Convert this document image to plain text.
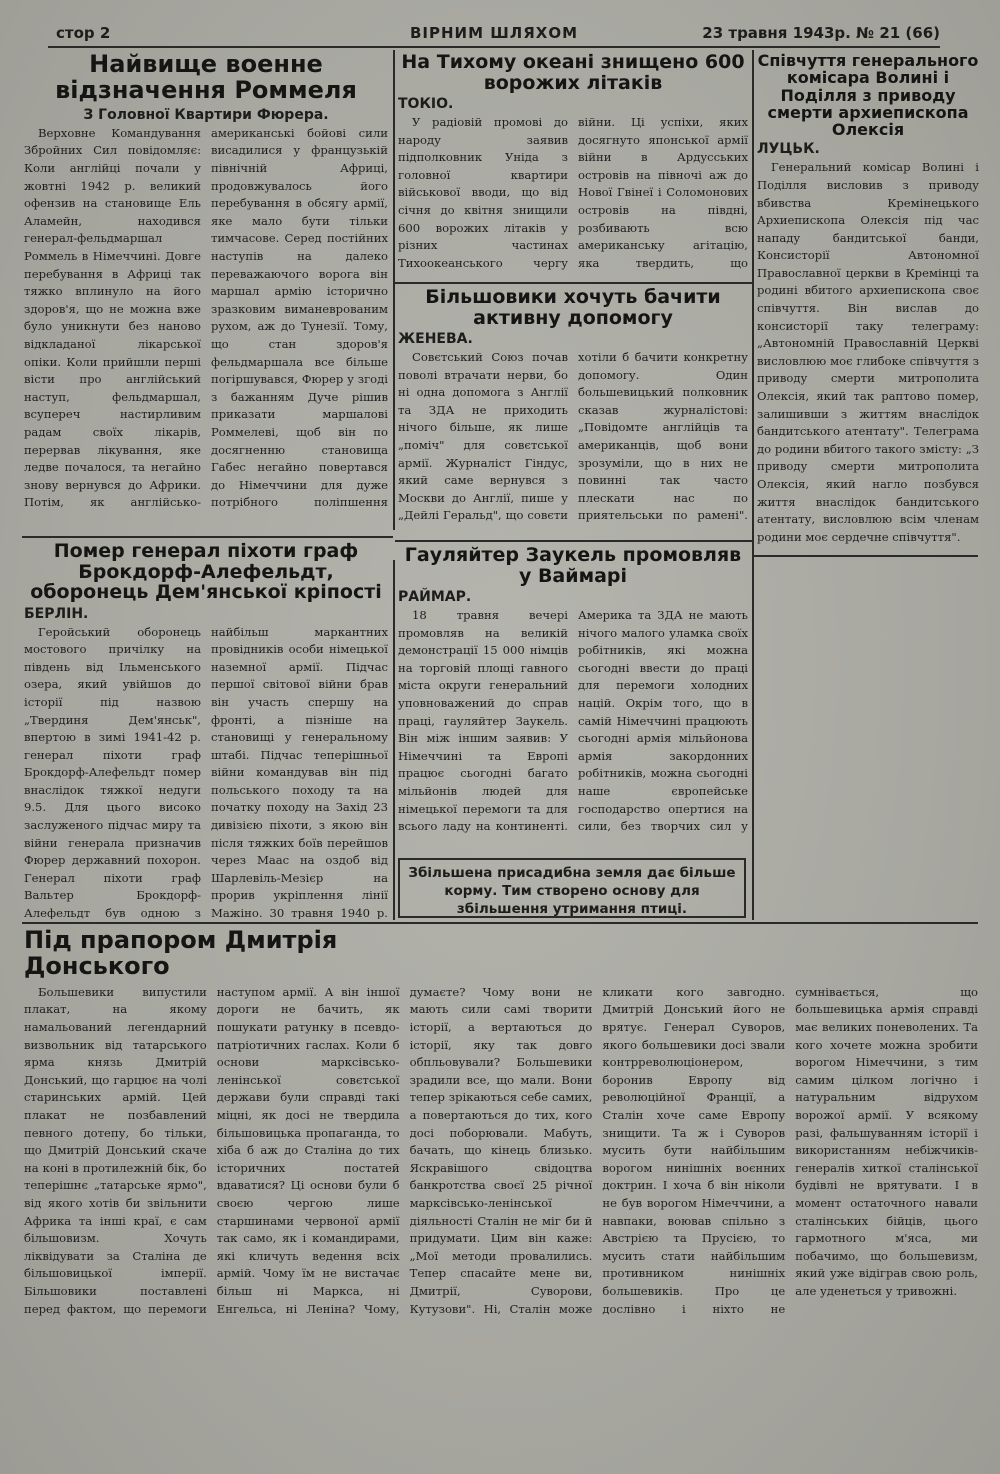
стор 2	ВІРНИМ ШЛЯХОМ	23 травня 1943р. № 21 (66)
Найвище военне відзначення Роммеля
З Головної Квартири Фюрера.
Верховне Командування Збройних Сил повідомляє: Коли англійці почали у жовтні 1942 р. великий офензив на становище Ель Аламейн, находився генерал-фельдмаршал Роммель в Німеччині. Довге перебування в Африці так тяжко вплинуло на його здоров'я, що не можна вже було уникнути без наново відкладаної лікарської опіки. Коли прийшли перші вісти про англійський наступ, фельдмаршал, всупереч настирливим радам своїх лікарів, перервав лікування, яке ледве почалося, та негайно знову вернувся до Африки. Потім, як англійсько-американські бойові сили висадилися у французькій північній Африці, продовжувалось його перебування в обсягу армії, яке мало бути тільки тимчасове. Серед постійних наступів на далеко переважаючого ворога він маршал армію історично зразковим виманеврованим рухом, аж до Тунезії. Тому, що стан здоров'я фельдмаршала все більше погіршувався, Фюрер у згоді з бажанням Дуче рішив приказати маршалові Роммелеві, щоб він по досягненню становища Габес негайно повертався до Німеччини для дуже потрібного поліпшення
На Тихому океані знищено 600 ворожих літаків
ТОКІО.
У радіовій промові до народу заявив підполковник Уніда з головної квартири військової вводи, що від січня до квітня знищили 600 ворожих літаків у різних частинах Тихоокеанського чергу війни. Ці успіхи, яких досягнуто японської армії війни в Ардусських островів на півночі аж до Нової Гвінеї і Соломонових островів на півдні, розбивають всю американську агітацію, яка твердить, що
Співчуття генерального комісара Волині і Поділля з приводу смерти архиепископа Олексія
ЛУЦЬК.
Генеральний комісар Волині і Поділля висловив з приводу вбивства Кремінецького Архиепископа Олексія під час нападу бандитської банди, Консисторії Автономної Православної церкви в Кремінці та родині вбитого архиепископа своє співчуття. Він вислав до консисторії таку телеграму: „Автономній Православній Церкві висловлюю моє глибоке співчуття з приводу смерти митрополита Олексія, який так раптово помер, залишивши з життям внаслідок бандитського атентату". Телеграма до родини вбитого такого змісту: „З приводу смерти митрополита Олексія, який нагло позбувся життя внаслідок бандитського атентату, висловлюю всім членам родини моє сердечне співчуття".
Більшовики хочуть бачити активну допомогу
ЖЕНЕВА.
Совєтський Союз почав поволі втрачати нерви, бо ні одна допомога з Англії та ЗДА не приходить нічого більше, як лише „поміч" для совєтської армії. Журналіст Гіндус, який саме вернувся з Москви до Англії, пише у „Дейлі Геральд", що совєти хотіли б бачити конкретну допомогу. Один большевицький полковник сказав журналістові: „Повідомте англійців та американців, щоб вони зрозуміли, що в них не повинні так часто плескати нас по приятельськи по рамені".
Гауляйтер Заукель промовляв у Ваймарі
РАЙМАР.
18 травня вечері промовляв на великій демонстрації 15 000 німців на торговій площі гавного міста округи генеральний уповноважений до справ праці, гауляйтер Заукель. Він між іншим заявив: У Німеччині та Европі працює сьогодні багато мільйонів людей для німецької перемоги та для всього ладу на континенті. Америка та ЗДА не мають нічого малого уламка своїх робітників, які можна сьогодні ввести до праці для перемоги холодних націй. Окрім того, що в самій Німеччині працюють сьогодні армія мільйонова армія закордонних робітників, можна сьогодні наше європейське господарство опертися на сили, без творчих сил у
Збільшена присадибна земля дає більше корму. Тим створено основу для збільшення утримання птиці.
Помер генерал піхоти граф Брокдорф-Алефельдт, оборонець Дем'янської кріпості
БЕРЛІН.
Геройський оборонець мостового причілку на південь від Ільменського озера, який увійшов до історії під назвою „Твердиня Дем'янськ", впертою в зимі 1941-42 р. генерал піхоти граф Брокдорф-Алефельдт помер внаслідок тяжкої недуги 9.5. Для цього високо заслуженого підчас миру та війни генерала призначив Фюрер державний похорон. Генерал піхоти граф Вальтер Брокдорф-Алефельдт був одною з найбільш маркантних провідників особи німецької наземної армії. Підчас першої світової війни брав він участь спершу на фронті, а пізніше на становищі у генеральному штабі. Підчас теперішньої війни командував він під польського походу та на початку походу на Захід 23 дивізією піхоти, з якою він після тяжких боїв перейшов через Маас на оздоб від Шарлевіль-Мезієр на прорив укріплення лінії Мажіно. 30 травня 1940 р.
Під прапором Дмитрія Донського
Большевики випустили плакат, на якому намальований легендарний визвольник від татарського ярма князь Дмитрій Донський, що гарцює на чолі старинських армій. Цей плакат не позбавлений певного дотепу, бо тільки, що Дмитрій Донський скаче на коні в протилежній бік, бо теперішнє „татарське ярмо", від якого хотів би звільнити Африка та інші краї, є сам більшовизм. Хочуть ліквідувати за Сталіна де більшовицької імперії. Більшовики поставлені перед фактом, що перемоги наступом армії. А він іншої дороги не бачить, як пошукати ратунку в псевдо-патріотичних гаслах. Коли б основи марксівсько-ленінської совєтської держави були справді такі міцні, як досі не твердила більшовицька пропаганда, то хіба б аж до Сталіна до тих історичних постатей вдаватися? Ці основи були б своєю чергою лише старшинами червоної армії так само, як і командирами, які кличуть ведення всіх армій. Чому їм не вистачає більш ні Маркса, ні Енгельса, ні Леніна? Чому, думаєте? Чому вони не мають сили самі творити історії, а вертаються до історії, яку так довго обпльовували? Большевики зрадили все, що мали. Вони тепер зрікаються себе самих, а повертаються до тих, кого досі поборювали. Мабуть, бачать, що кінець близько. Яскравішого свідоцтва банкротства своєї 25 річної марксівсько-ленінської діяльності Сталін не міг би й придумати. Цим він каже: „Мої методи провалились. Тепер спасайте мене ви, Дмитрії, Суворови, Кутузови". Ні, Сталін може кликати кого завгодно. Дмитрій Донський його не врятує. Генерал Суворов, якого большевики досі звали контрреволюціонером, боронив Европу від революційної Франції, а Сталін хоче саме Европу знищити. Та ж і Суворов мусить бути найбільшим ворогом нинішніх воєнних доктрин. І хоча б він ніколи не був ворогом Німеччини, а навпаки, воював спільно з Австрією та Прусією, то мусить стати найбільшим противником нинішніх большевиків. Про це дослівно і ніхто не сумнівається, що большевицька армія справді має великих поневолених. Та кого хочете можна зробити ворогом Німеччини, з тим самим цілком логічно і натуральним відрухом ворожої армії. У всякому разі, фальшуванням історії і використанням небіжчиків-генералів хиткої сталінської будівлі не врятувати. І в момент остаточного навали сталінських бійців, цього гармотного м'яса, ми побачимо, що большевизм, який уже відіграв свою роль, але уденеться у тривожні.
